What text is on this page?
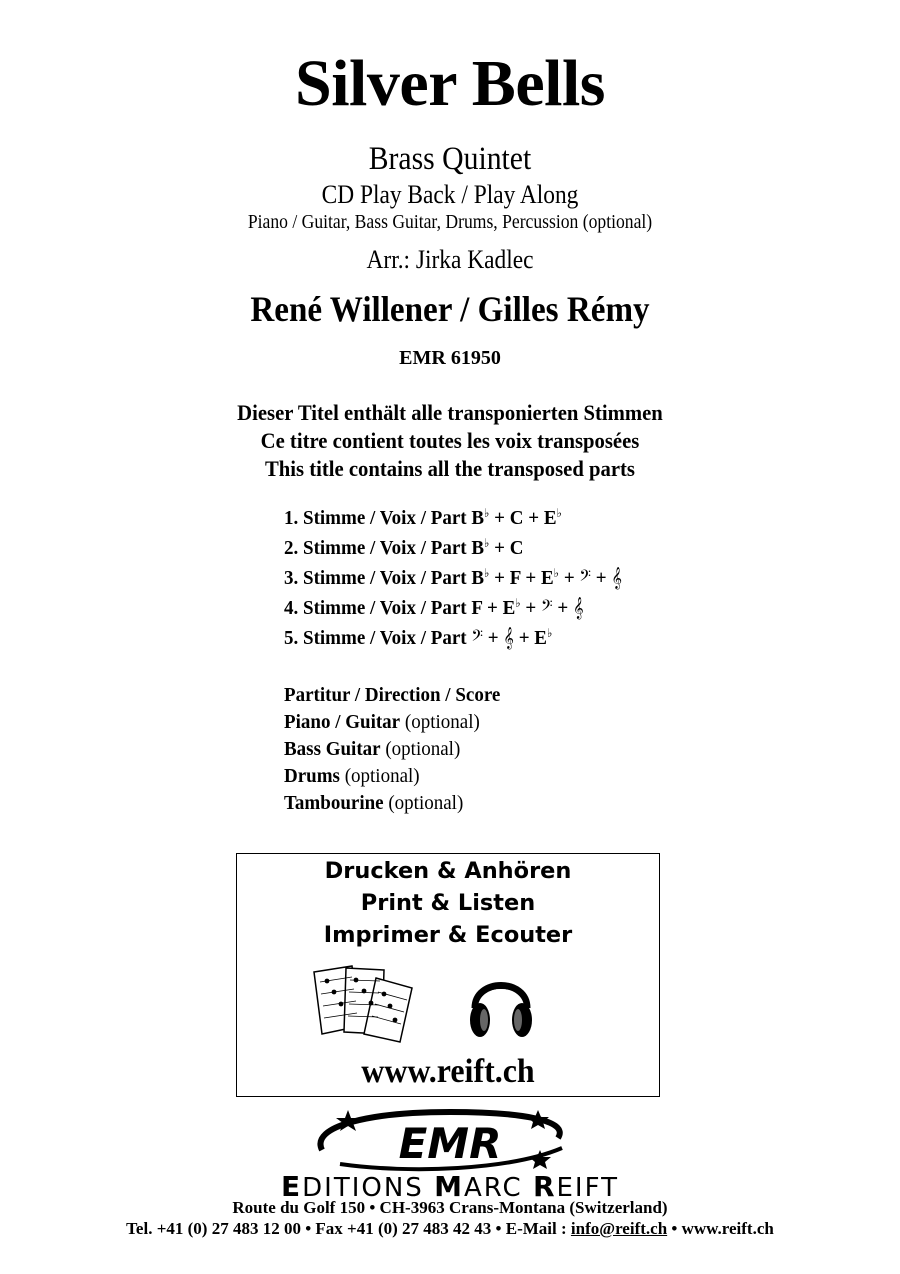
Silver Bells
Brass Quintet
CD Play Back / Play Along
Piano / Guitar, Bass Guitar, Drums, Percussion (optional)
Arr.: Jirka Kadlec
René Willener / Gilles Rémy
EMR 61950
Dieser Titel enthält alle transponierten Stimmen
Ce titre contient toutes les voix transposées
This title contains all the transposed parts
1. Stimme / Voix / Part B♭ + C + E♭
2. Stimme / Voix / Part B♭ + C
3. Stimme / Voix / Part B♭ + F + E♭ + 𝄢 + 𝄞
4. Stimme / Voix / Part F + E♭ + 𝄢 + 𝄞
5. Stimme / Voix / Part 𝄢 + 𝄞 + E♭
Partitur / Direction / Score
Piano / Guitar (optional)
Bass Guitar (optional)
Drums (optional)
Tambourine (optional)
Drucken & Anhören
Print & Listen
Imprimer & Ecouter
www.reift.ch
EMR
EDITIONS MARC REIFT
Route du Golf 150 • CH-3963 Crans-Montana (Switzerland)
Tel. +41 (0) 27 483 12 00 • Fax +41 (0) 27 483 42 43 • E-Mail : info@reift.ch • www.reift.ch
